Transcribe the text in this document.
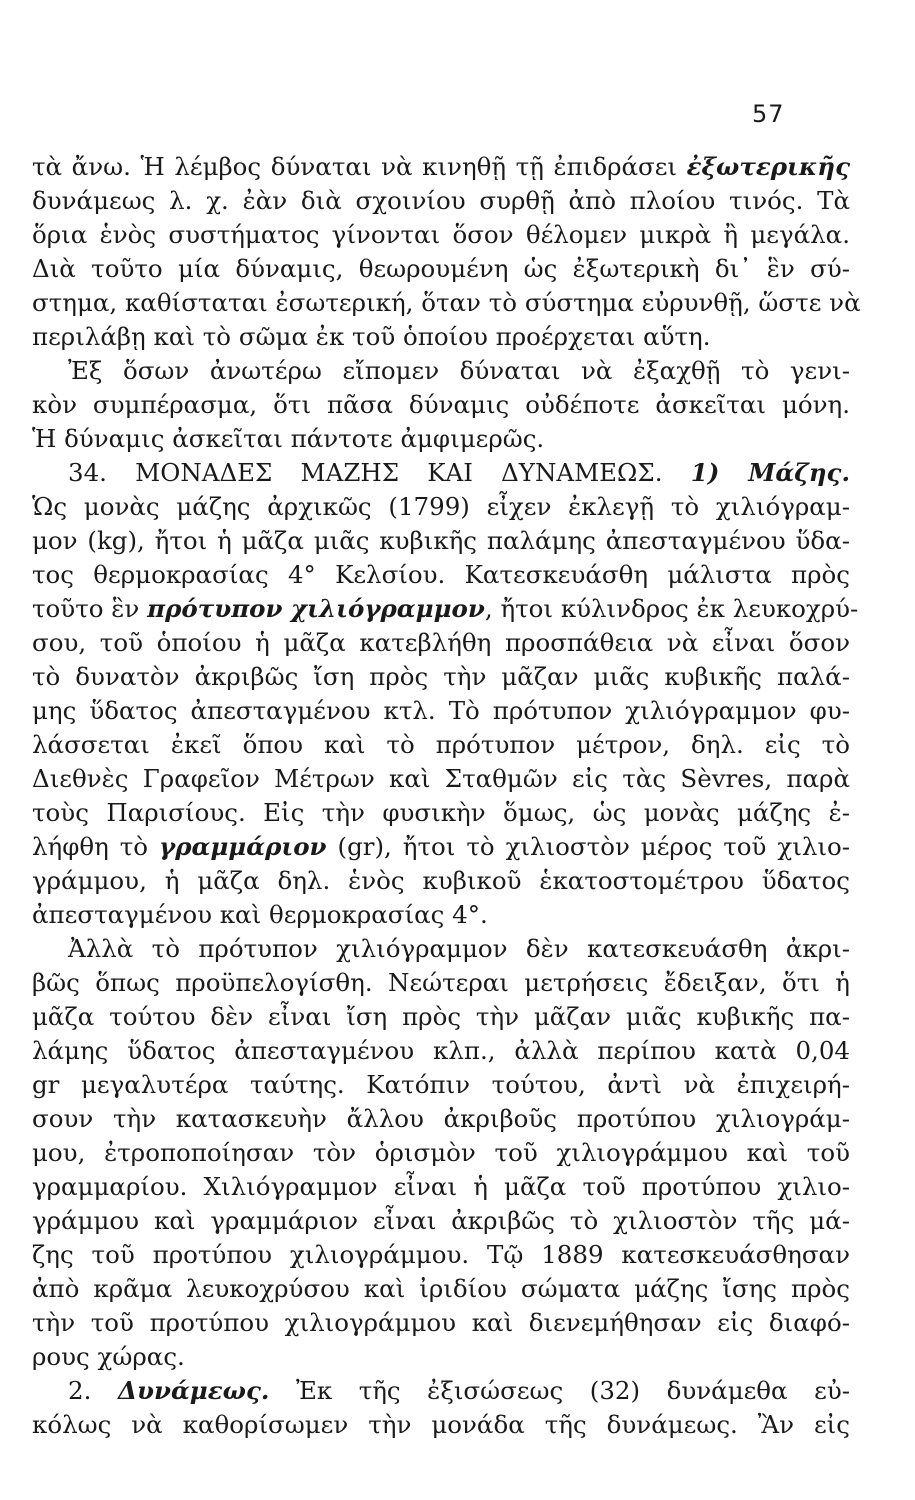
57
τὰ ἄνω. Ἡ λέμβος δύναται νὰ κινηθῇ τῇ ἐπιδράσει ἐξωτερικῆς
δυνάμεως λ. χ. ἐὰν διὰ σχοινίου συρθῇ ἀπὸ πλοίου τινός. Τὰ
ὅρια ἑνὸς συστήματος γίνονται ὅσον θέλομεν μικρὰ ἢ μεγάλα.
Διὰ τοῦτο μία δύναμις, θεωρουμένη ὡς ἐξωτερικὴ δι᾽ ἓν σύ-
στημα, καθίσταται ἐσωτερική, ὅταν τὸ σύστημα εὐρυνθῇ, ὥστε νὰ
περιλάβῃ καὶ τὸ σῶμα ἐκ τοῦ ὁποίου προέρχεται αὕτη.
Ἐξ ὅσων ἀνωτέρω εἴπομεν δύναται νὰ ἐξαχθῇ τὸ γενι-
κὸν συμπέρασμα, ὅτι πᾶσα δύναμις οὐδέποτε ἀσκεῖται μόνη.
Ἡ δύναμις ἀσκεῖται πάντοτε ἀμφιμερῶς.
34. ΜΟΝΑΔΕΣ ΜΑΖΗΣ ΚΑΙ ΔΥΝΑΜΕΩΣ. 1) Μάζης.
Ὡς μονὰς μάζης ἀρχικῶς (1799) εἶχεν ἐκλεγῇ τὸ χιλιόγραμ-
μον (kg), ἤτοι ἡ μᾶζα μιᾶς κυβικῆς παλάμης ἀπεσταγμένου ὕδα-
τος θερμοκρασίας 4° Κελσίου. Κατεσκευάσθη μάλιστα πρὸς
τοῦτο ἓν πρότυπον χιλιόγραμμον, ἤτοι κύλινδρος ἐκ λευκοχρύ-
σου, τοῦ ὁποίου ἡ μᾶζα κατεβλήθη προσπάθεια νὰ εἶναι ὅσον
τὸ δυνατὸν ἀκριβῶς ἴση πρὸς τὴν μᾶζαν μιᾶς κυβικῆς παλά-
μης ὕδατος ἀπεσταγμένου κτλ. Τὸ πρότυπον χιλιόγραμμον φυ-
λάσσεται ἐκεῖ ὅπου καὶ τὸ πρότυπον μέτρον, δηλ. εἰς τὸ
Διεθνὲς Γραφεῖον Μέτρων καὶ Σταθμῶν εἰς τὰς Sèvres, παρὰ
τοὺς Παρισίους. Εἰς τὴν φυσικὴν ὅμως, ὡς μονὰς μάζης ἐ-
λήφθη τὸ γραμμάριον (gr), ἤτοι τὸ χιλιοστὸν μέρος τοῦ χιλιο-
γράμμου, ἡ μᾶζα δηλ. ἑνὸς κυβικοῦ ἑκατοστομέτρου ὕδατος
ἀπεσταγμένου καὶ θερμοκρασίας 4°.
Ἀλλὰ τὸ πρότυπον χιλιόγραμμον δὲν κατεσκευάσθη ἀκρι-
βῶς ὅπως προϋπελογίσθη. Νεώτεραι μετρήσεις ἔδειξαν, ὅτι ἡ
μᾶζα τούτου δὲν εἶναι ἴση πρὸς τὴν μᾶζαν μιᾶς κυβικῆς πα-
λάμης ὕδατος ἀπεσταγμένου κλπ., ἀλλὰ περίπου κατὰ 0,04
gr μεγαλυτέρα ταύτης. Κατόπιν τούτου, ἀντὶ νὰ ἐπιχειρή-
σουν τὴν κατασκευὴν ἄλλου ἀκριβοῦς προτύπου χιλιογράμ-
μου, ἐτροποποίησαν τὸν ὁρισμὸν τοῦ χιλιογράμμου καὶ τοῦ
γραμμαρίου. Χιλιόγραμμον εἶναι ἡ μᾶζα τοῦ προτύπου χιλιο-
γράμμου καὶ γραμμάριον εἶναι ἀκριβῶς τὸ χιλιοστὸν τῆς μά-
ζης τοῦ προτύπου χιλιογράμμου. Τῷ 1889 κατεσκευάσθησαν
ἀπὸ κρᾶμα λευκοχρύσου καὶ ἰριδίου σώματα μάζης ἴσης πρὸς
τὴν τοῦ προτύπου χιλιογράμμου καὶ διενεμήθησαν εἰς διαφό-
ρους χώρας.
2. Δυνάμεως. Ἐκ τῆς ἐξισώσεως (32) δυνάμεθα εὐ-
κόλως νὰ καθορίσωμεν τὴν μονάδα τῆς δυνάμεως. Ἂν εἰς
